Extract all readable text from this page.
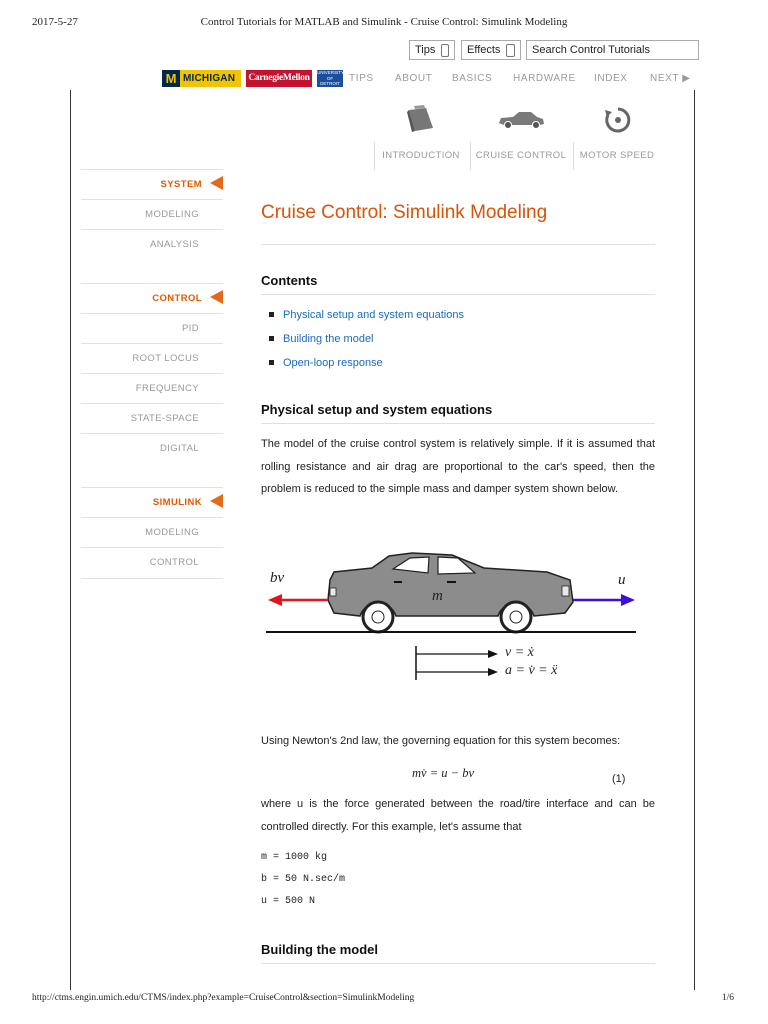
2017-5-27	Control Tutorials for MATLAB and Simulink - Cruise Control: Simulink Modeling
Tips	Effects	Search Control Tutorials
M MICHIGAN CarnegieMellon
UNIVERSITY OF DETROIT MERCY
TIPS ABOUT BASICS HARDWARE INDEX NEXT ▶
INTRODUCTION	CRUISE CONTROL	MOTOR SPEED
SYSTEM
MODELING
ANALYSIS
CONTROL
PID
ROOT LOCUS
FREQUENCY
STATE-SPACE
DIGITAL
SIMULINK
MODELING
CONTROL
Cruise Control: Simulink Modeling
Contents
Physical setup and system equations
Building the model
Open-loop response
Physical setup and system equations
The model of the cruise control system is relatively simple. If it is assumed that rolling resistance and air drag are proportional to the car's speed, then the problem is reduced to the simple mass and damper system shown below.
bv	u
m
v = ẋ
a = v̇ = ẍ
Using Newton's 2nd law, the governing equation for this system becomes:
mv̇ = u − bv	(1)
where u is the force generated between the road/tire interface and can be controlled directly. For this example, let's assume that
m = 1000 kg
b = 50 N.sec/m
u = 500 N
Building the model
http://ctms.engin.umich.edu/CTMS/index.php?example=CruiseControl&section=SimulinkModeling	1/6
